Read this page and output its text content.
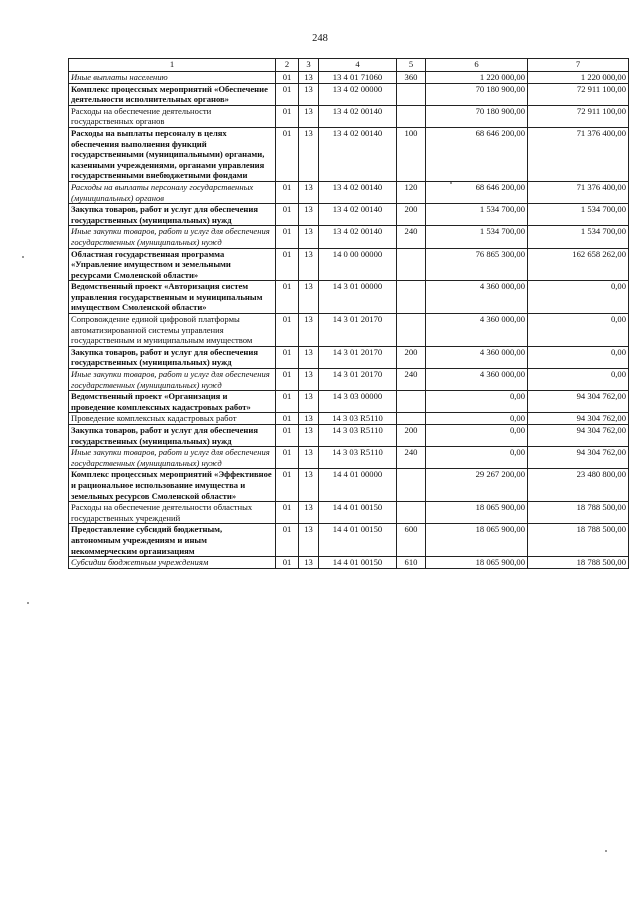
248
1	2	3	4	5	6	7
Иные выплаты населению	01	13	13 4 01 71060	360	1 220 000,00	1 220 000,00
Комплекс процессных мероприятий «Обеспечение деятельности исполнительных органов»	01	13	13 4 02 00000		70 180 900,00	72 911 100,00
Расходы на обеспечение деятельности государственных органов	01	13	13 4 02 00140		70 180 900,00	72 911 100,00
Расходы на выплаты персоналу в целях обеспечения выполнения функций государственными (муниципальными) органами, казенными учреждениями, органами управления государственными внебюджетными фондами	01	13	13 4 02 00140	100	68 646 200,00	71 376 400,00
Расходы на выплаты персоналу государственных (муниципальных) органов	01	13	13 4 02 00140	120	68 646 200,00	71 376 400,00
Закупка товаров, работ и услуг для обеспечения государственных (муниципальных) нужд	01	13	13 4 02 00140	200	1 534 700,00	1 534 700,00
Иные закупки товаров, работ и услуг для обеспечения государственных (муниципальных) нужд	01	13	13 4 02 00140	240	1 534 700,00	1 534 700,00
Областная государственная программа «Управление имуществом и земельными ресурсами Смоленской области»	01	13	14 0 00 00000		76 865 300,00	162 658 262,00
Ведомственный проект «Авторизация систем управления государственным и муниципальным имуществом Смоленской области»	01	13	14 3 01 00000		4 360 000,00	0,00
Сопровождение единой цифровой платформы автоматизированной системы управления государственным и муниципальным имуществом	01	13	14 3 01 20170		4 360 000,00	0,00
Закупка товаров, работ и услуг для обеспечения государственных (муниципальных) нужд	01	13	14 3 01 20170	200	4 360 000,00	0,00
Иные закупки товаров, работ и услуг для обеспечения государственных (муниципальных) нужд	01	13	14 3 01 20170	240	4 360 000,00	0,00
Ведомственный проект «Организация и проведение комплексных кадастровых работ»	01	13	14 3 03 00000		0,00	94 304 762,00
Проведение комплексных кадастровых работ	01	13	14 3 03 R5110		0,00	94 304 762,00
Закупка товаров, работ и услуг для обеспечения государственных (муниципальных) нужд	01	13	14 3 03 R5110	200	0,00	94 304 762,00
Иные закупки товаров, работ и услуг для обеспечения государственных (муниципальных) нужд	01	13	14 3 03 R5110	240	0,00	94 304 762,00
Комплекс процессных мероприятий «Эффективное и рациональное использование имущества и земельных ресурсов Смоленской области»	01	13	14 4 01 00000		29 267 200,00	23 480 800,00
Расходы на обеспечение деятельности областных государственных учреждений	01	13	14 4 01 00150		18 065 900,00	18 788 500,00
Предоставление субсидий бюджетным, автономным учреждениям и иным некоммерческим организациям	01	13	14 4 01 00150	600	18 065 900,00	18 788 500,00
Субсидии бюджетным учреждениям	01	13	14 4 01 00150	610	18 065 900,00	18 788 500,00
